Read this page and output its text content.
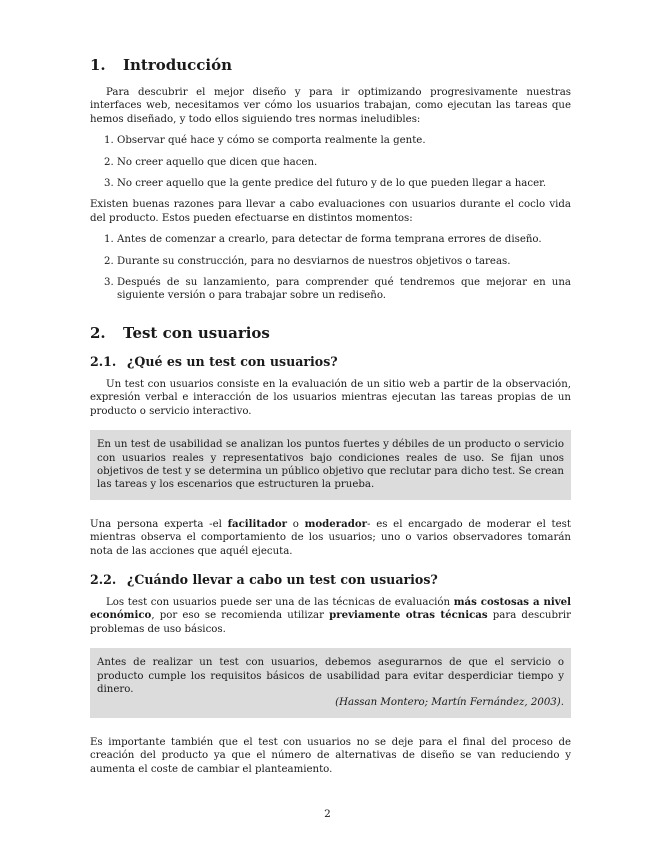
1. Introducción

Para descubrir el mejor diseño y para ir optimizando progresivamente nuestras interfaces web, necesitamos ver cómo los usuarios trabajan, como ejecutan las tareas que hemos diseñado, y todo ellos siguiendo tres normas ineludibles:

1. Observar qué hace y cómo se comporta realmente la gente.
2. No creer aquello que dicen que hacen.
3. No creer aquello que la gente predice del futuro y de lo que pueden llegar a hacer.

Existen buenas razones para llevar a cabo evaluaciones con usuarios durante el coclo vida del producto. Estos pueden efectuarse en distintos momentos:

1. Antes de comenzar a crearlo, para detectar de forma temprana errores de diseño.
2. Durante su construcción, para no desviarnos de nuestros objetivos o tareas.
3. Después de su lanzamiento, para comprender qué tendremos que mejorar en una siguiente versión o para trabajar sobre un rediseño.
2. Test con usuarios
2.1. ¿Qué es un test con usuarios?

Un test con usuarios consiste en la evaluación de un sitio web a partir de la observación, expresión verbal e interacción de los usuarios mientras ejecutan las tareas propias de un producto o servicio interactivo.

En un test de usabilidad se analizan los puntos fuertes y débiles de un producto o servicio con usuarios reales y representativos bajo condiciones reales de uso. Se fijan unos objetivos de test y se determina un público objetivo que reclutar para dicho test. Se crean las tareas y los escenarios que estructuren la prueba.

Una persona experta -el facilitador o moderador- es el encargado de moderar el test mientras observa el comportamiento de los usuarios; uno o varios observadores tomarán nota de las acciones que aquél ejecuta.

2.2. ¿Cuándo llevar a cabo un test con usuarios?

Los test con usuarios puede ser una de las técnicas de evaluación más costosas a nivel económico, por eso se recomienda utilizar previamente otras técnicas para descubrir problemas de uso básicos.

Antes de realizar un test con usuarios, debemos asegurarnos de que el servicio o producto cumple los requisitos básicos de usabilidad para evitar desperdiciar tiempo y dinero.
(Hassan Montero; Martín Fernández, 2003).

Es importante también que el test con usuarios no se deje para el final del proceso de creación del producto ya que el número de alternativas de diseño se van reduciendo y aumenta el coste de cambiar el planteamiento.

2
